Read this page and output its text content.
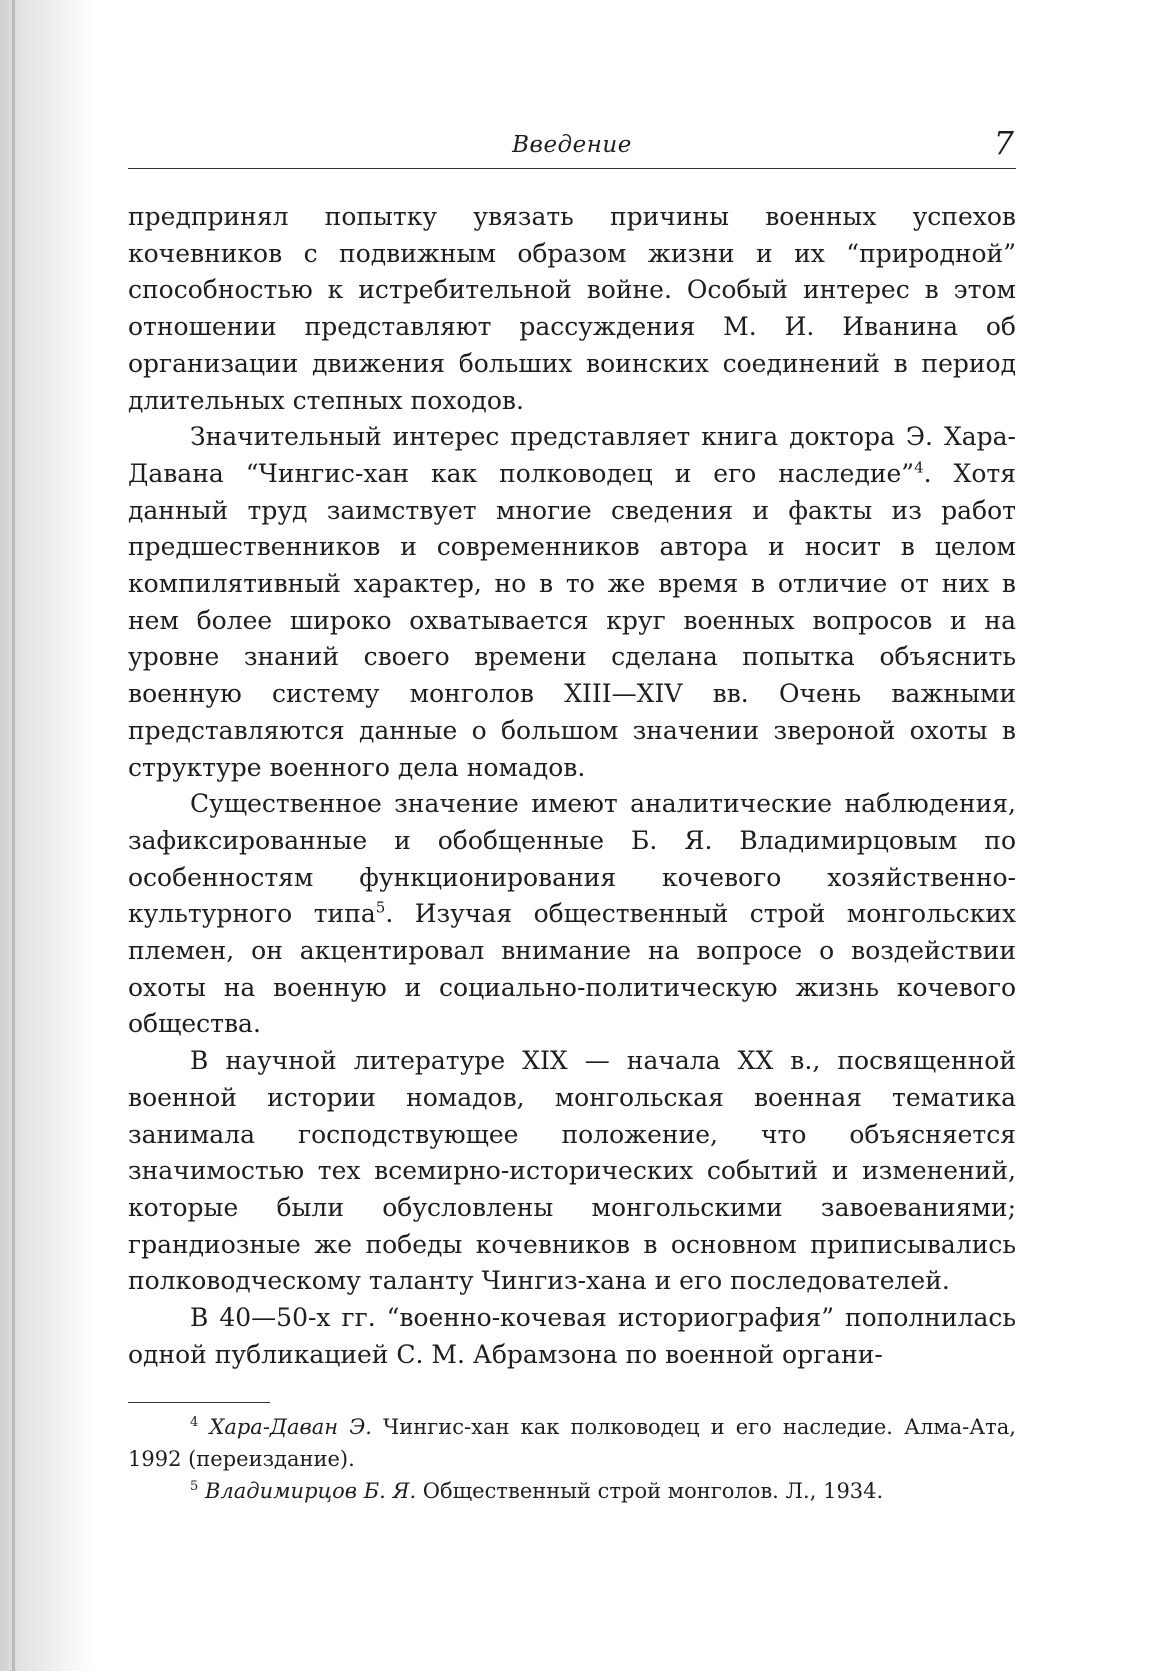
Введение	7

предпринял попытку увязать причины военных успехов кочевников с подвижным образом жизни и их “природной” способностью к истребительной войне. Особый интерес в этом отношении представляют рассуждения М. И. Иванина об организации движения больших воинских соединений в период длительных степных походов.

Значительный интерес представляет книга доктора Э. Хара-Давана “Чингис-хан как полководец и его наследие”$^4$. Хотя данный труд заимствует многие сведения и факты из работ предшественников и современников автора и носит в целом компилятивный характер, но в то же время в отличие от них в нем более широко охватывается круг военных вопросов и на уровне знаний своего времени сделана попытка объяснить военную систему монголов XIII—XIV вв. Очень важными представляются данные о большом значении звероной охоты в структуре военного дела номадов.

Существенное значение имеют аналитические наблюдения, зафиксированные и обобщенные Б. Я. Владимирцовым по особенностям функционирования кочевого хозяйственно-культурного типа$^5$. Изучая общественный строй монгольских племен, он акцентировал внимание на вопросе о воздействии охоты на военную и социально-политическую жизнь кочевого общества.

В научной литературе XIX — начала XX в., посвященной военной истории номадов, монгольская военная тематика занимала господствующее положение, что объясняется значимостью тех всемирно-исторических событий и изменений, которые были обусловлены монгольскими завоеваниями; грандиозные же победы кочевников в основном приписывались полководческому таланту Чингиз-хана и его последователей.

В 40—50-х гг. “военно-кочевая историография” пополнилась одной публикацией С. М. Абрамзона по военной органи-

$^4$ Хара-Даван Э. Чингис-хан как полководец и его наследие. Алма-Ата, 1992 (переиздание).

$^5$ Владимирцов Б. Я. Общественный строй монголов. Л., 1934.
